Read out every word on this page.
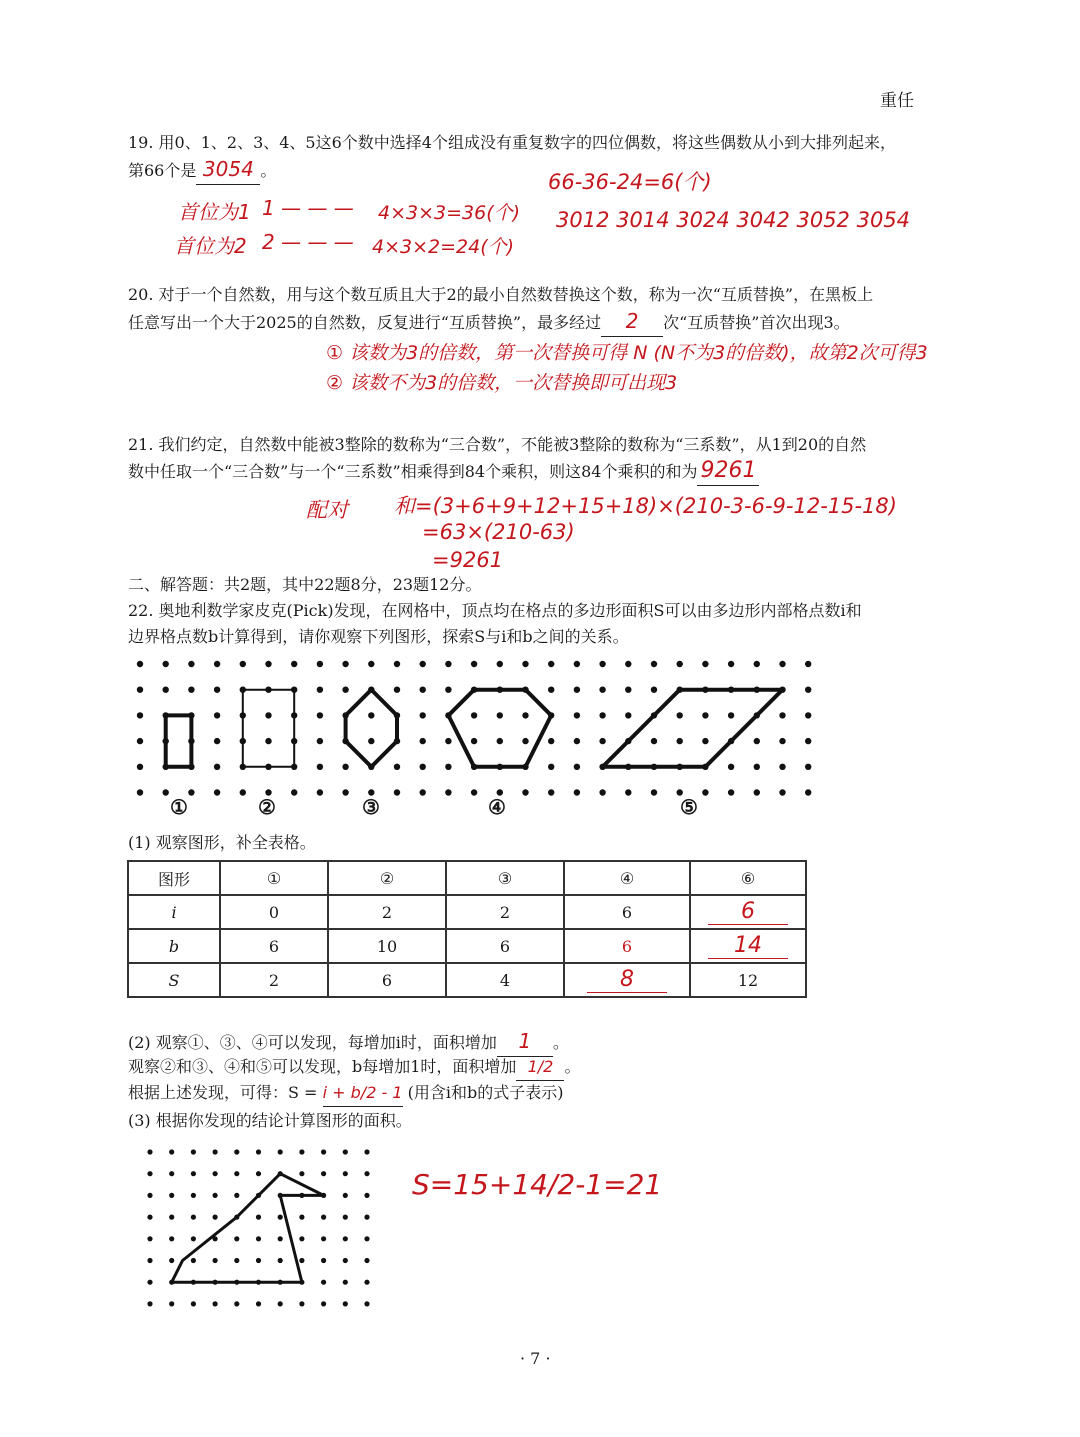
重任
19. 用0、1、2、3、4、5这6个数中选择4个组成没有重复数字的四位偶数，将这些偶数从小到大排列起来，
第66个是 3054 。	66-36-24=6(个)
首位为1 1 — — — 4×3×3=36(个)
首位为2 2 — — — 4×3×2=24(个)
3012 3014 3024 3042 3052 3054
20. 对于一个自然数，用与这个数互质且大于2的最小自然数替换这个数，称为一次“互质替换”，在黑板上
任意写出一个大于2025的自然数，反复进行“互质替换”，最多经过 2 次“互质替换”首次出现3。
① 该数为3的倍数，第一次替换可得 N (N不为3的倍数)，故第2次可得3
② 该数不为3的倍数，一次替换即可出现3
21. 我们约定，自然数中能被3整除的数称为“三合数”，不能被3整除的数称为“三系数”，从1到20的自然
数中任取一个“三合数”与一个“三系数”相乘得到84个乘积，则这84个乘积的和为 9261
配对 和=(3+6+9+12+15+18)×(210-3-6-9-12-15-18)
=63×(210-63)
=9261
二、解答题：共2题，其中22题8分，23题12分。
22. 奥地利数学家皮克(Pick)发现，在网格中，顶点均在格点的多边形面积S可以由多边形内部格点数i和
边界格点数b计算得到，请你观察下列图形，探索S与i和b之间的关系。
①	②	③	④	⑤
(1) 观察图形，补全表格。
图形	①	②	③	④	⑥
i	0	2	2	6	6
b	6	10	6	6	14
S	2	6	4	8	12
(2) 观察①、③、④可以发现，每增加i时，面积增加 1 。
观察②和③、④和⑤可以发现，b每增加1时，面积增加 1/2 。
根据上述发现，可得：S = i + b/2 - 1 (用含i和b的式子表示)
(3) 根据你发现的结论计算图形的面积。
S=15+14/2-1=21
· 7 ·
